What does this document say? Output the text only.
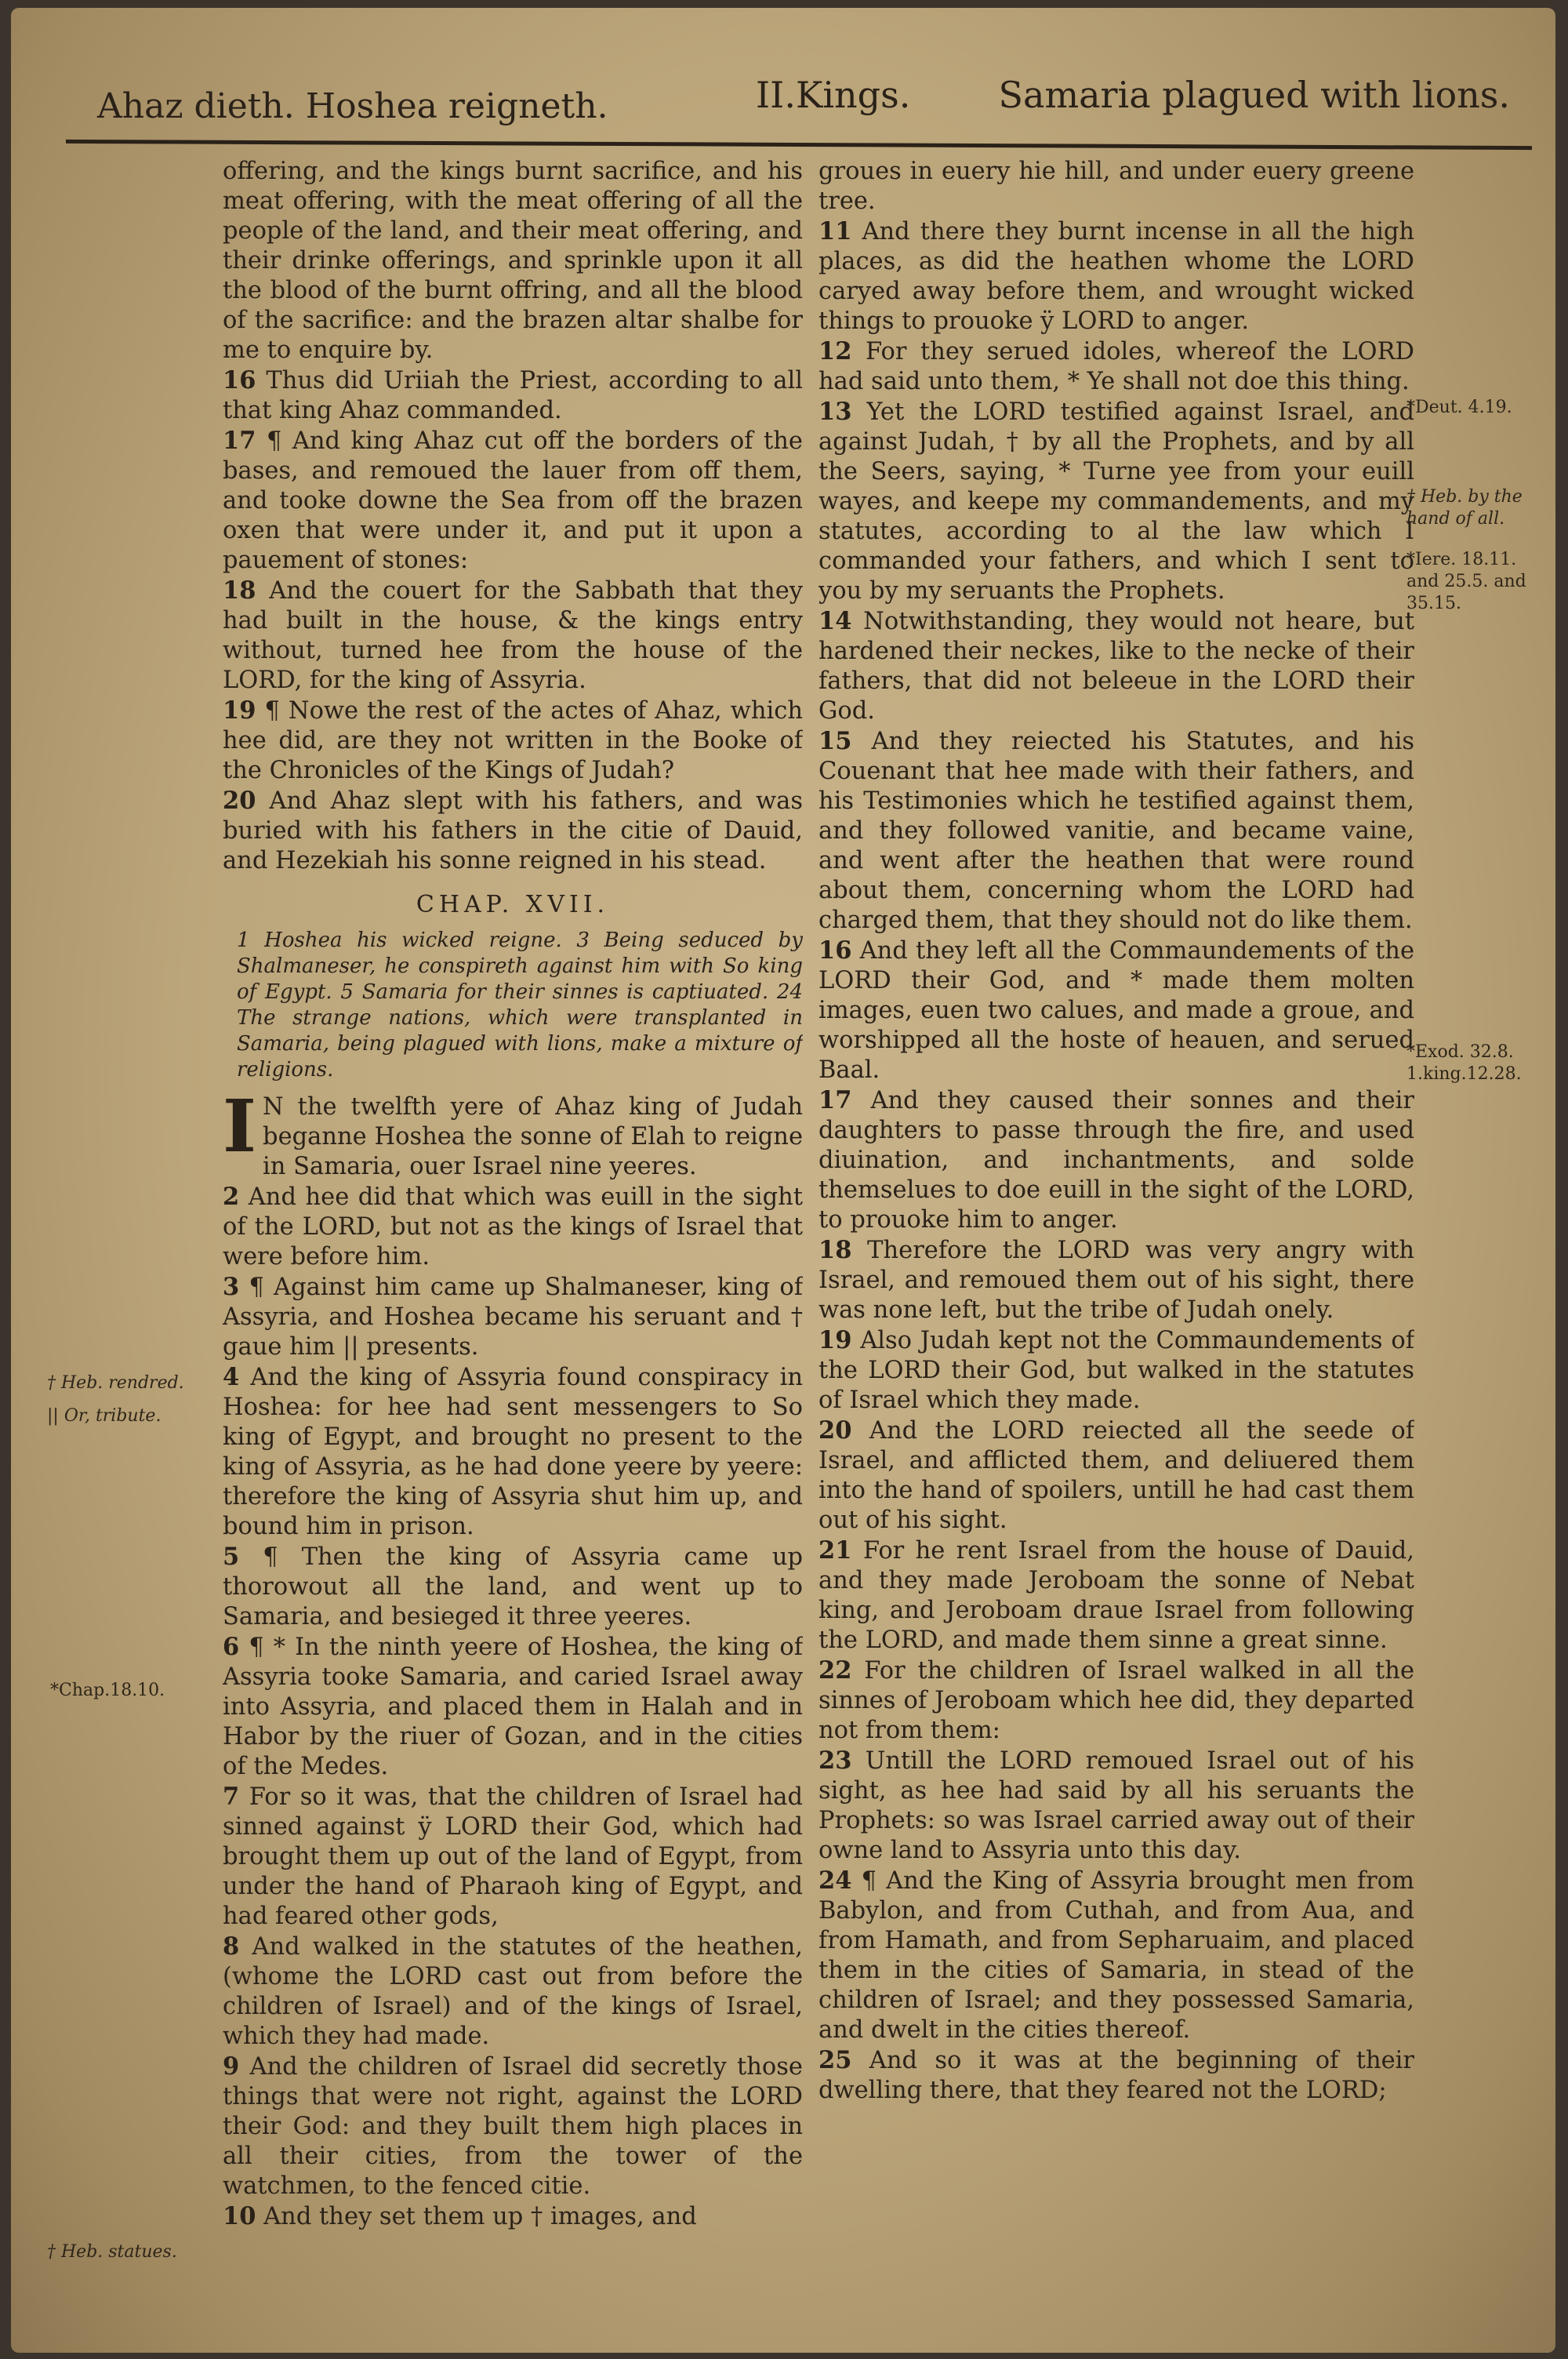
Ahaz dieth. Hoshea reigneth.	II.Kings. Samaria plagued with lions.

offering, and the kings burnt sacrifice, and his meat offering, with the meat offering of all the people of the land, and their meat offering, and their drinke offerings, and sprinkle upon it all the blood of the burnt offring, and all the blood of the sacrifice: and the brazen altar shalbe for me to enquire by.

16 Thus did Uriiah the Priest, according to all that king Ahaz commanded.

17 ¶ And king Ahaz cut off the borders of the bases, and remoued the lauer from off them, and tooke downe the Sea from off the brazen oxen that were under it, and put it upon a pauement of stones:

18 And the couert for the Sabbath that they had built in the house, & the kings entry without, turned hee from the house of the LORD, for the king of Assyria.

19 ¶ Nowe the rest of the actes of Ahaz, which hee did, are they not written in the Booke of the Chronicles of the Kings of Judah?

20 And Ahaz slept with his fathers, and was buried with his fathers in the citie of Dauid, and Hezekiah his sonne reigned in his stead.

CHAP. XVII.
1 Hoshea his wicked reigne. 3 Being seduced by Shalmaneser, he conspireth against him with So king of Egypt. 5 Samaria for their sinnes is captiuated. 24 The strange nations, which were transplanted in Samaria, being plagued with lions, make a mixture of religions.

I N the twelfth yere of Ahaz king of Judah beganne Hoshea the sonne of Elah to reigne in Samaria, ouer Israel nine yeeres.

2 And hee did that which was euill in the sight of the LORD, but not as the kings of Israel that were before him.

3 ¶ Against him came up Shalmaneser, king of Assyria, and Hoshea became his seruant and † gaue him || presents.

4 And the king of Assyria found conspiracy in Hoshea: for hee had sent messengers to So king of Egypt, and brought no present to the king of Assyria, as he had done yeere by yeere: therefore the king of Assyria shut him up, and bound him in prison.

5 ¶ Then the king of Assyria came up thorowout all the land, and went up to Samaria, and besieged it three yeeres.

6 ¶ * In the ninth yeere of Hoshea, the king of Assyria tooke Samaria, and caried Israel away into Assyria, and placed them in Halah and in Habor by the riuer of Gozan, and in the cities of the Medes.

7 For so it was, that the children of Israel had sinned against ÿ LORD their God, which had brought them up out of the land of Egypt, from under the hand of Pharaoh king of Egypt, and had feared other gods,

8 And walked in the statutes of the heathen, (whome the LORD cast out from before the children of Israel) and of the kings of Israel, which they had made.

9 And the children of Israel did secretly those things that were not right, against the LORD their God: and they built them high places in all their cities, from the tower of the watchmen, to the fenced citie.

10 And they set them up † images, and

groues in euery hie hill, and under euery greene tree.

11 And there they burnt incense in all the high places, as did the heathen whome the LORD caryed away before them, and wrought wicked things to prouoke ÿ LORD to anger.

12 For they serued idoles, whereof the LORD had said unto them, * Ye shall not doe this thing.

13 Yet the LORD testified against Israel, and against Judah, † by all the Prophets, and by all the Seers, saying, * Turne yee from your euill wayes, and keepe my commandements, and my statutes, according to al the law which I commanded your fathers, and which I sent to you by my seruants the Prophets.

14 Notwithstanding, they would not heare, but hardened their neckes, like to the necke of their fathers, that did not beleeue in the LORD their God.

15 And they reiected his Statutes, and his Couenant that hee made with their fathers, and his Testimonies which he testified against them, and they followed vanitie, and became vaine, and went after the heathen that were round about them, concerning whom the LORD had charged them, that they should not do like them.

16 And they left all the Commaundements of the LORD their God, and * made them molten images, euen two calues, and made a groue, and worshipped all the hoste of heauen, and serued Baal.

17 And they caused their sonnes and their daughters to passe through the fire, and used diuination, and inchantments, and solde themselues to doe euill in the sight of the LORD, to prouoke him to anger.

18 Therefore the LORD was very angry with Israel, and remoued them out of his sight, there was none left, but the tribe of Judah onely.

19 Also Judah kept not the Commaundements of the LORD their God, but walked in the statutes of Israel which they made.

20 And the LORD reiected all the seede of Israel, and afflicted them, and deliuered them into the hand of spoilers, untill he had cast them out of his sight.

21 For he rent Israel from the house of Dauid, and they made Jeroboam the sonne of Nebat king, and Jeroboam draue Israel from following the LORD, and made them sinne a great sinne.

22 For the children of Israel walked in all the sinnes of Jeroboam which hee did, they departed not from them:

23 Untill the LORD remoued Israel out of his sight, as hee had said by all his seruants the Prophets: so was Israel carried away out of their owne land to Assyria unto this day.

24 ¶ And the King of Assyria brought men from Babylon, and from Cuthah, and from Aua, and from Hamath, and from Sepharuaim, and placed them in the cities of Samaria, in stead of the children of Israel; and they possessed Samaria, and dwelt in the cities thereof.

25 And so it was at the beginning of their dwelling there, that they feared not the LORD;

† Heb. rendred.
|| Or, tribute.
*Chap.18.10.
† Heb. statues.
*Deut. 4.19.
† Heb. by the hand of all.
*Iere. 18.11. and 25.5. and 35.15.
*Exod. 32.8. 1.king.12.28.
